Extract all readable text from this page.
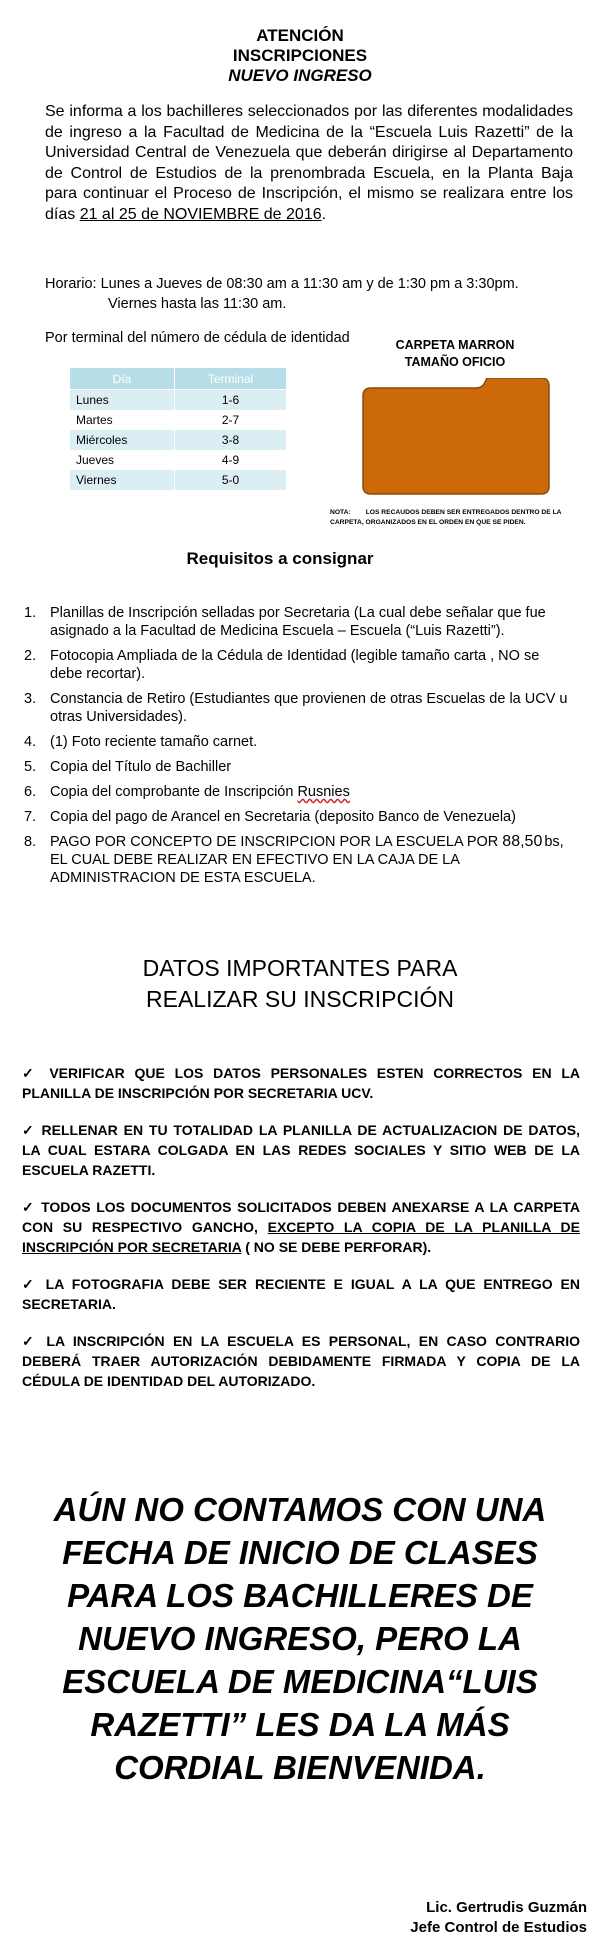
ATENCIÓN
INSCRIPCIONES
NUEVO INGRESO
Se informa a los bachilleres seleccionados por las diferentes modalidades de ingreso a la Facultad de Medicina de la “Escuela Luis Razetti” de la Universidad Central de Venezuela que deberán dirigirse al Departamento de Control de Estudios de la prenombrada Escuela, en la Planta Baja para continuar el Proceso de Inscripción, el mismo se realizara entre los días 21 al 25 de NOVIEMBRE de 2016.
Horario: Lunes a Jueves de 08:30 am a 11:30 am y de 1:30 pm a 3:30pm.
Viernes hasta las 11:30 am.
Por terminal del número de cédula de identidad
Día	Terminal
Lunes	1-6
Martes	2-7
Miércoles	3-8
Jueves	4-9
Viernes	5-0
CARPETA MARRON
TAMAÑO OFICIO
NOTA: LOS RECAUDOS DEBEN SER ENTREGADOS DENTRO DE LA CARPETA, ORGANIZADOS EN EL ORDEN EN QUE SE PIDEN.
Requisitos a consignar
1. Planillas de Inscripción selladas por Secretaria (La cual debe señalar que fue asignado a la Facultad de Medicina Escuela – Escuela (“Luis Razetti”).
2. Fotocopia Ampliada de la Cédula de Identidad (legible tamaño carta , NO se debe recortar).
3. Constancia de Retiro (Estudiantes que provienen de otras Escuelas de la UCV u otras Universidades).
4. (1) Foto reciente tamaño carnet.
5. Copia del Título de Bachiller
6. Copia del comprobante de Inscripción Rusnies
7. Copia del pago de Arancel en Secretaria (deposito Banco de Venezuela)
8. PAGO POR CONCEPTO DE INSCRIPCION POR LA ESCUELA POR 88,50 bs, EL CUAL DEBE REALIZAR EN EFECTIVO EN LA CAJA DE LA ADMINISTRACION DE ESTA ESCUELA.
DATOS IMPORTANTES PARA
REALIZAR SU INSCRIPCIÓN

✓ VERIFICAR QUE LOS DATOS PERSONALES ESTEN CORRECTOS EN LA PLANILLA DE INSCRIPCIÓN POR SECRETARIA UCV.

✓ RELLENAR EN TU TOTALIDAD LA PLANILLA DE ACTUALIZACION DE DATOS, LA CUAL ESTARA COLGADA EN LAS REDES SOCIALES Y SITIO WEB DE LA ESCUELA RAZETTI.

✓ TODOS LOS DOCUMENTOS SOLICITADOS DEBEN ANEXARSE A LA CARPETA CON SU RESPECTIVO GANCHO, EXCEPTO LA COPIA DE LA PLANILLA DE INSCRIPCIÓN POR SECRETARIA ( NO SE DEBE PERFORAR).

✓ LA FOTOGRAFIA DEBE SER RECIENTE E IGUAL A LA QUE ENTREGO EN SECRETARIA.

✓ LA INSCRIPCIÓN EN LA ESCUELA ES PERSONAL, EN CASO CONTRARIO DEBERÁ TRAER AUTORIZACIÓN DEBIDAMENTE FIRMADA Y COPIA DE LA CÉDULA DE IDENTIDAD DEL AUTORIZADO.

AÚN NO CONTAMOS CON UNA FECHA DE INICIO DE CLASES PARA LOS BACHILLERES DE NUEVO INGRESO, PERO LA ESCUELA DE MEDICINA“LUIS RAZETTI” LES DA LA MÁS CORDIAL BIENVENIDA.
Lic. Gertrudis Guzmán
Jefe Control de Estudios
